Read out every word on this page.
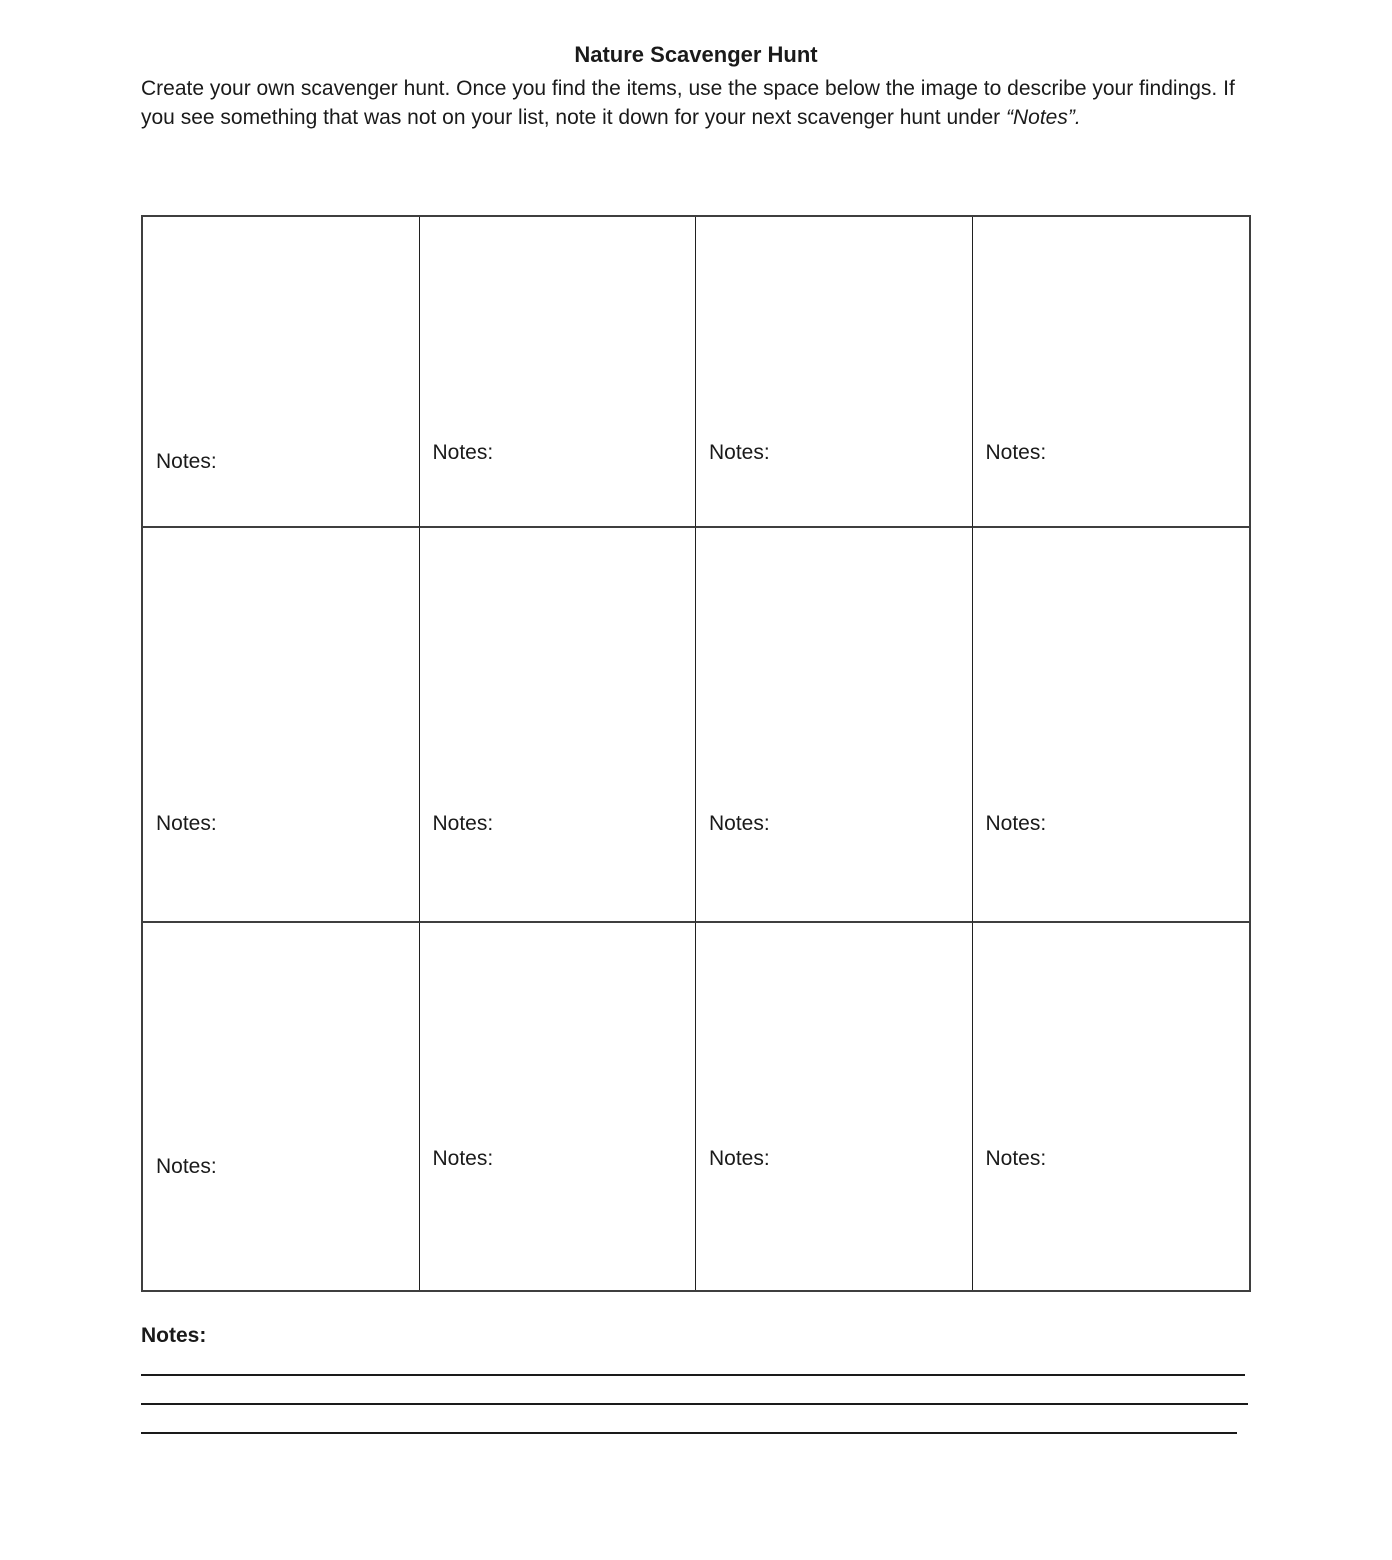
Nature Scavenger Hunt

Create your own scavenger hunt. Once you find the items, use the space below the image to describe your findings. If you see something that was not on your list, note it down for your next scavenger hunt under “Notes”.

Notes:	Notes:	Notes:	Notes:
Notes:	Notes:	Notes:	Notes:
Notes:	Notes:	Notes:	Notes:
Notes:
